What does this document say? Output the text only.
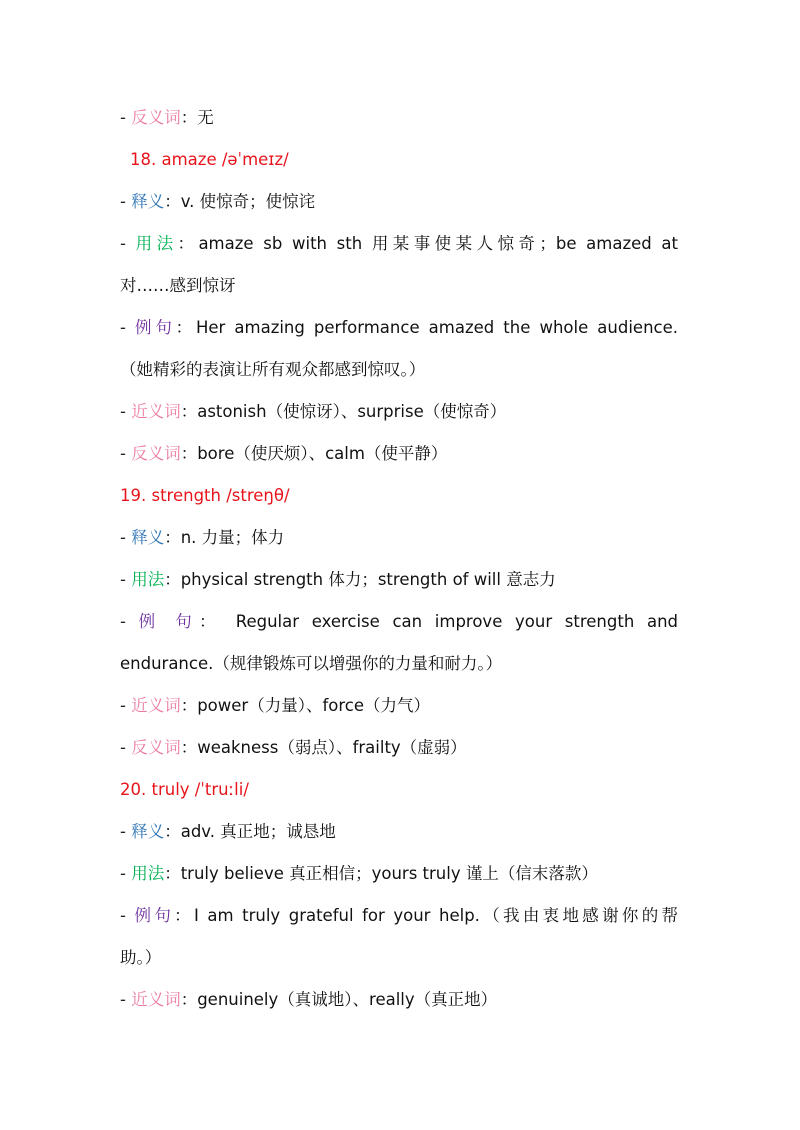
- 反义词：无
18. amaze /əˈmeɪz/
- 释义：v. 使惊奇；使惊诧
- 用法：amaze sb with sth 用某事使某人惊奇；be amazed at
对……感到惊讶
- 例句：Her amazing performance amazed the whole audience.
（她精彩的表演让所有观众都感到惊叹。）
- 近义词：astonish（使惊讶）、surprise（使惊奇）
- 反义词：bore（使厌烦）、calm（使平静）
19. strength /streŋθ/
- 释义：n. 力量；体力
- 用法：physical strength 体力；strength of will 意志力
- 例 句： Regular exercise can improve your strength and
endurance.（规律锻炼可以增强你的力量和耐力。）
- 近义词：power（力量）、force（力气）
- 反义词：weakness（弱点）、frailty（虚弱）
20. truly /ˈtruːli/
- 释义：adv. 真正地；诚恳地
- 用法：truly believe 真正相信；yours truly 谨上（信末落款）
- 例句：I am truly grateful for your help.（我由衷地感谢你的帮
助。）
- 近义词：genuinely（真诚地）、really（真正地）
